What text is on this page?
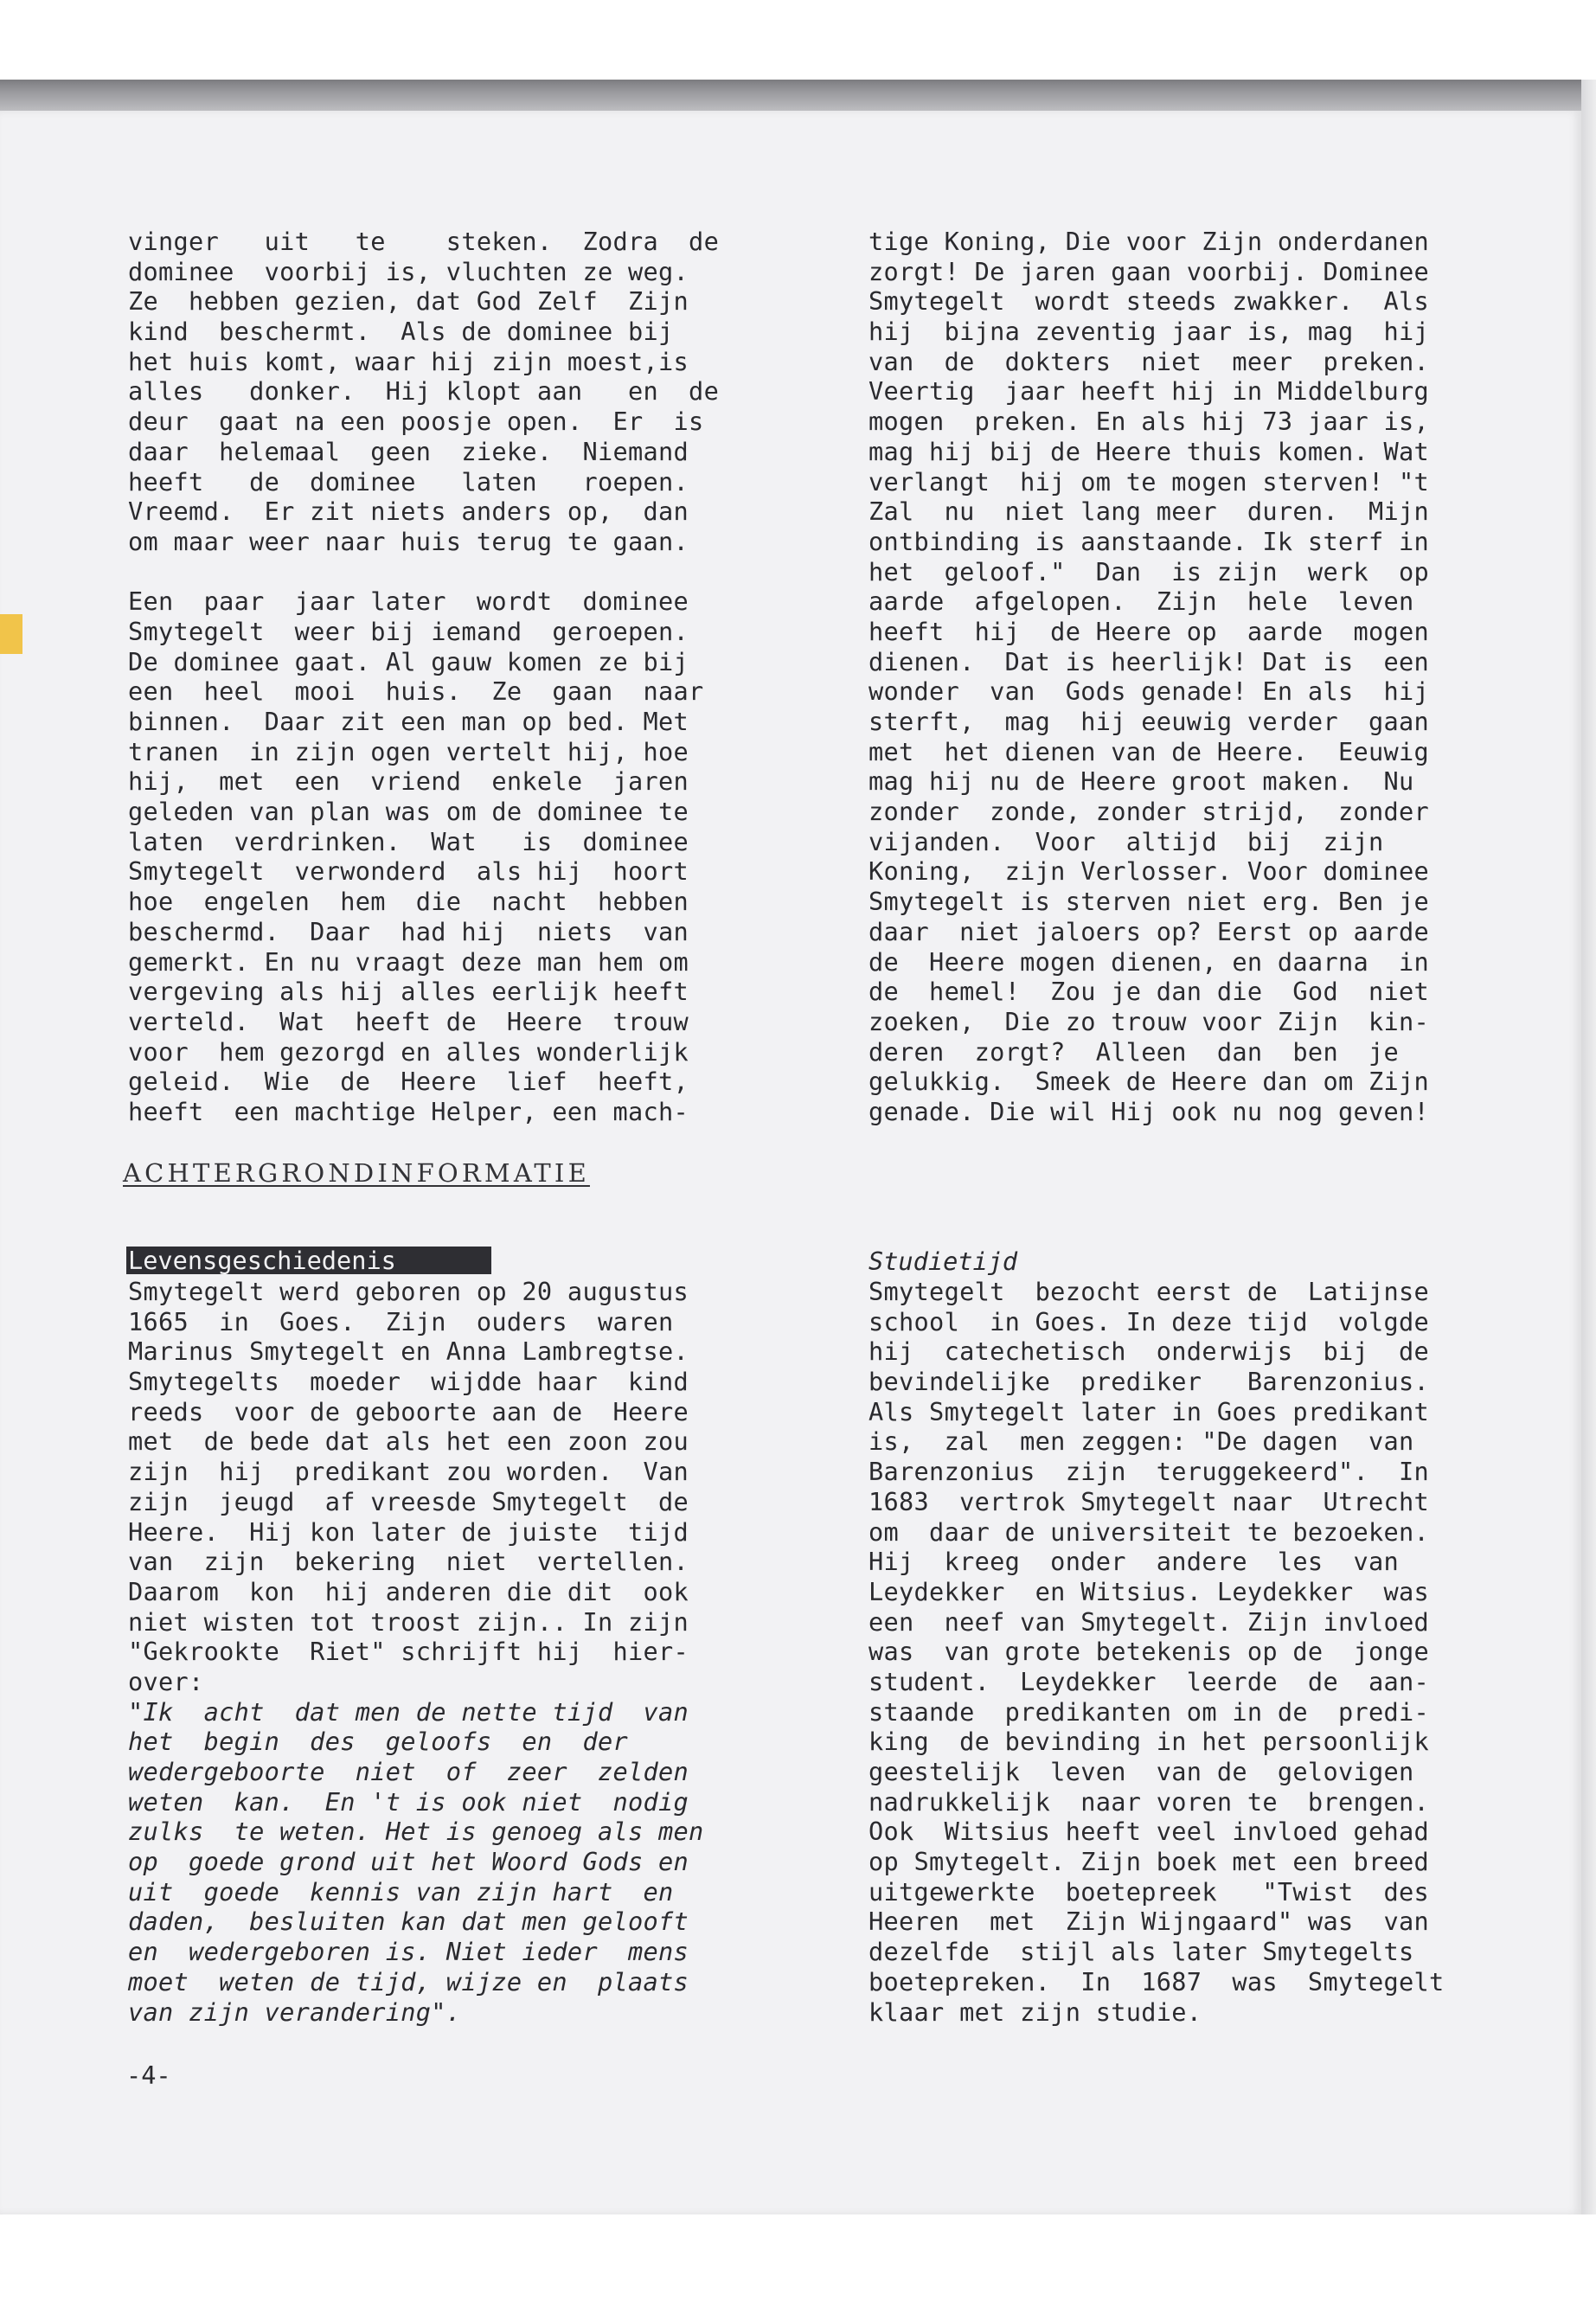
vinger   uit   te    steken.  Zodra  de
dominee  voorbij is, vluchten ze weg.
Ze  hebben gezien, dat God Zelf  Zijn
kind  beschermt.  Als de dominee bij
het huis komt, waar hij zijn moest,is
alles   donker.  Hij klopt aan   en  de
deur  gaat na een poosje open.  Er  is
daar  helemaal  geen  zieke.  Niemand
heeft   de  dominee   laten   roepen.
Vreemd.  Er zit niets anders op,  dan
om maar weer naar huis terug te gaan.
Een  paar  jaar later  wordt  dominee
Smytegelt  weer bij iemand  geroepen.
De dominee gaat. Al gauw komen ze bij
een  heel  mooi  huis.  Ze  gaan  naar
binnen.  Daar zit een man op bed. Met
tranen  in zijn ogen vertelt hij, hoe
hij,  met  een  vriend  enkele  jaren
geleden van plan was om de dominee te
laten  verdrinken.  Wat   is  dominee
Smytegelt  verwonderd  als hij  hoort
hoe  engelen  hem  die  nacht  hebben
beschermd.  Daar  had hij  niets  van
gemerkt. En nu vraagt deze man hem om
vergeving als hij alles eerlijk heeft
verteld.  Wat  heeft de  Heere  trouw
voor  hem gezorgd en alles wonderlijk
geleid.  Wie  de  Heere  lief  heeft,
heeft  een machtige Helper, een mach-
tige Koning, Die voor Zijn onderdanen
zorgt! De jaren gaan voorbij. Dominee
Smytegelt  wordt steeds zwakker.  Als
hij  bijna zeventig jaar is, mag  hij
van  de  dokters  niet  meer  preken.
Veertig  jaar heeft hij in Middelburg
mogen  preken. En als hij 73 jaar is,
mag hij bij de Heere thuis komen. Wat
verlangt  hij om te mogen sterven! "t
Zal  nu  niet lang meer  duren.  Mijn
ontbinding is aanstaande. Ik sterf in
het  geloof."  Dan  is zijn  werk  op
aarde  afgelopen.  Zijn  hele  leven
heeft  hij  de Heere op  aarde  mogen
dienen.  Dat is heerlijk! Dat is  een
wonder  van  Gods genade! En als  hij
sterft,  mag  hij eeuwig verder  gaan
met  het dienen van de Heere.  Eeuwig
mag hij nu de Heere groot maken.  Nu
zonder  zonde, zonder strijd,  zonder
vijanden.  Voor  altijd  bij  zijn
Koning,  zijn Verlosser. Voor dominee
Smytegelt is sterven niet erg. Ben je
daar  niet jaloers op? Eerst op aarde
de  Heere mogen dienen, en daarna  in
de  hemel!  Zou je dan die  God  niet
zoeken,  Die zo trouw voor Zijn  kin-
deren  zorgt?  Alleen  dan  ben  je
gelukkig.  Smeek de Heere dan om Zijn
genade. Die wil Hij ook nu nog geven!
ACHTERGRONDINFORMATIE
Levensgeschiedenis
Smytegelt werd geboren op 20 augustus
1665  in  Goes.  Zijn  ouders  waren
Marinus Smytegelt en Anna Lambregtse.
Smytegelts  moeder  wijdde haar  kind
reeds  voor de geboorte aan de  Heere
met  de bede dat als het een zoon zou
zijn  hij  predikant zou worden.  Van
zijn  jeugd  af vreesde Smytegelt  de
Heere.  Hij kon later de juiste  tijd
van  zijn  bekering  niet  vertellen.
Daarom  kon  hij anderen die dit  ook
niet wisten tot troost zijn.. In zijn
"Gekrookte  Riet" schrijft hij  hier-
over:
"Ik  acht  dat men de nette tijd  van
het  begin  des  geloofs  en  der
wedergeboorte  niet  of  zeer  zelden
weten  kan.  En 't is ook niet  nodig
zulks  te weten. Het is genoeg als men
op  goede grond uit het Woord Gods en
uit  goede  kennis van zijn hart  en
daden,  besluiten kan dat men gelooft
en  wedergeboren is. Niet ieder  mens
moet  weten de tijd, wijze en  plaats
van zijn verandering".
Studietijd
Smytegelt  bezocht eerst de  Latijnse
school  in Goes. In deze tijd  volgde
hij  catechetisch  onderwijs  bij  de
bevindelijke  prediker   Barenzonius.
Als Smytegelt later in Goes predikant
is,  zal  men zeggen: "De dagen  van
Barenzonius  zijn  teruggekeerd".  In
1683  vertrok Smytegelt naar  Utrecht
om  daar de universiteit te bezoeken.
Hij  kreeg  onder  andere  les  van
Leydekker  en Witsius. Leydekker  was
een  neef van Smytegelt. Zijn invloed
was  van grote betekenis op de  jonge
student.  Leydekker  leerde  de  aan-
staande  predikanten om in de  predi-
king  de bevinding in het persoonlijk
geestelijk  leven  van de  gelovigen
nadrukkelijk  naar voren te  brengen.
Ook  Witsius heeft veel invloed gehad
op Smytegelt. Zijn boek met een breed
uitgewerkte  boetepreek   "Twist  des
Heeren  met  Zijn Wijngaard" was  van
dezelfde  stijl als later Smytegelts
boetepreken.  In  1687  was  Smytegelt
klaar met zijn studie.
-4-
